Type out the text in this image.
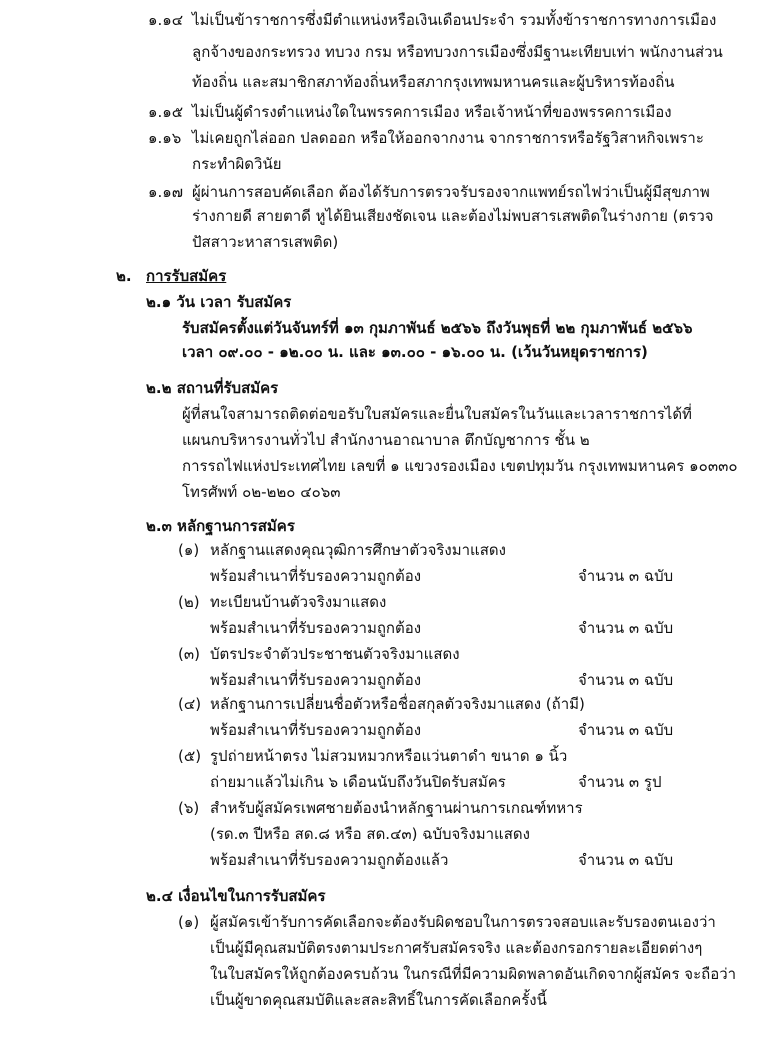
๑.๑๔ ไม่เป็นข้าราชการซึ่งมีตำแหน่งหรือเงินเดือนประจำ รวมทั้งข้าราชการทางการเมือง
ลูกจ้างของกระทรวง ทบวง กรม หรือทบวงการเมืองซึ่งมีฐานะเทียบเท่า พนักงานส่วน
ท้องถิ่น และสมาชิกสภาท้องถิ่นหรือสภากรุงเทพมหานครและผู้บริหารท้องถิ่น
๑.๑๕ ไม่เป็นผู้ดำรงตำแหน่งใดในพรรคการเมือง หรือเจ้าหน้าที่ของพรรคการเมือง
๑.๑๖ ไม่เคยถูกไล่ออก ปลดออก หรือให้ออกจากงาน จากราชการหรือรัฐวิสาหกิจเพราะ
กระทำผิดวินัย
๑.๑๗ ผู้ผ่านการสอบคัดเลือก ต้องได้รับการตรวจรับรองจากแพทย์รถไฟว่าเป็นผู้มีสุขภาพ
ร่างกายดี สายตาดี หูได้ยินเสียงชัดเจน และต้องไม่พบสารเสพติดในร่างกาย (ตรวจ
ปัสสาวะหาสารเสพติด)
๒. การรับสมัคร
๒.๑ วัน เวลา รับสมัคร
รับสมัครตั้งแต่วันจันทร์ที่ ๑๓ กุมภาพันธ์ ๒๕๖๖ ถึงวันพุธที่ ๒๒ กุมภาพันธ์ ๒๕๖๖
เวลา ๐๙.๐๐ - ๑๒.๐๐ น. และ ๑๓.๐๐ - ๑๖.๐๐ น. (เว้นวันหยุดราชการ)
๒.๒ สถานที่รับสมัคร
ผู้ที่สนใจสามารถติดต่อขอรับใบสมัครและยื่นใบสมัครในวันและเวลาราชการได้ที่
แผนกบริหารงานทั่วไป สำนักงานอาณาบาล ตึกบัญชาการ ชั้น ๒
การรถไฟแห่งประเทศไทย เลขที่ ๑ แขวงรองเมือง เขตปทุมวัน กรุงเทพมหานคร ๑๐๓๓๐
โทรศัพท์ ๐๒-๒๒๐ ๔๐๖๓
๒.๓ หลักฐานการสมัคร
(๑) หลักฐานแสดงคุณวุฒิการศึกษาตัวจริงมาแสดง
พร้อมสำเนาที่รับรองความถูกต้อง	จำนวน ๓ ฉบับ
(๒) ทะเบียนบ้านตัวจริงมาแสดง
พร้อมสำเนาที่รับรองความถูกต้อง	จำนวน ๓ ฉบับ
(๓) บัตรประจำตัวประชาชนตัวจริงมาแสดง
พร้อมสำเนาที่รับรองความถูกต้อง	จำนวน ๓ ฉบับ
(๔) หลักฐานการเปลี่ยนชื่อตัวหรือชื่อสกุลตัวจริงมาแสดง (ถ้ามี)
พร้อมสำเนาที่รับรองความถูกต้อง	จำนวน ๓ ฉบับ
(๕) รูปถ่ายหน้าตรง ไม่สวมหมวกหรือแว่นตาดำ ขนาด ๑ นิ้ว
ถ่ายมาแล้วไม่เกิน ๖ เดือนนับถึงวันปิดรับสมัคร	จำนวน ๓ รูป
(๖) สำหรับผู้สมัครเพศชายต้องนำหลักฐานผ่านการเกณฑ์ทหาร
(รด.๓ ปีหรือ สด.๘ หรือ สด.๔๓) ฉบับจริงมาแสดง
พร้อมสำเนาที่รับรองความถูกต้องแล้ว	จำนวน ๓ ฉบับ
๒.๔ เงื่อนไขในการรับสมัคร
(๑) ผู้สมัครเข้ารับการคัดเลือกจะต้องรับผิดชอบในการตรวจสอบและรับรองตนเองว่า
เป็นผู้มีคุณสมบัติตรงตามประกาศรับสมัครจริง และต้องกรอกรายละเอียดต่างๆ
ในใบสมัครให้ถูกต้องครบถ้วน ในกรณีที่มีความผิดพลาดอันเกิดจากผู้สมัคร จะถือว่า
เป็นผู้ขาดคุณสมบัติและสละสิทธิ์ในการคัดเลือกครั้งนี้
